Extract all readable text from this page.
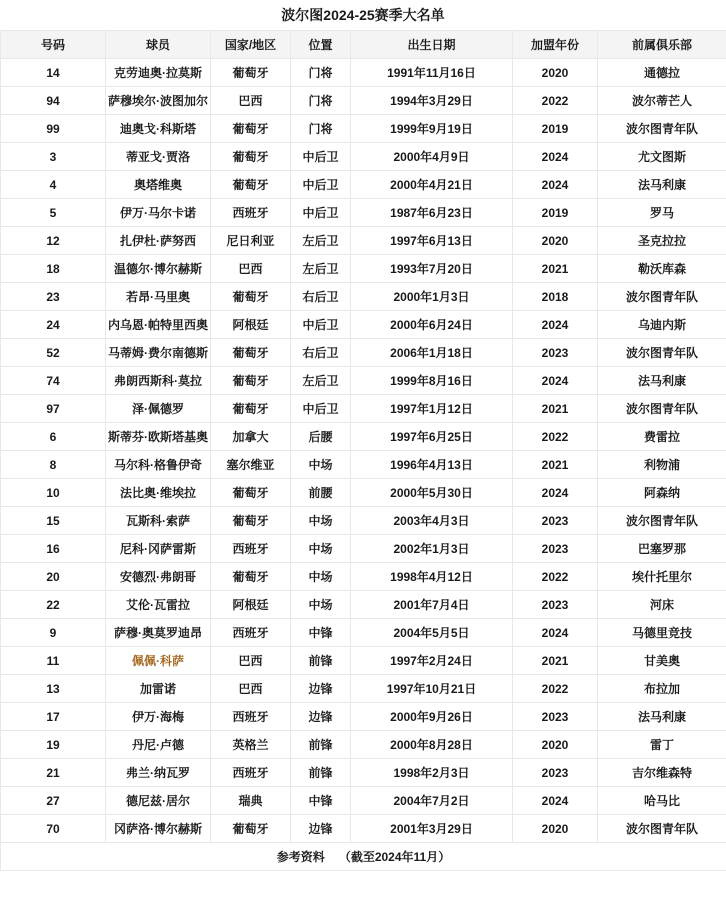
波尔图2024-25赛季大名单
号码	球员	国家/地区	位置	出生日期	加盟年份	前属俱乐部
14	克劳迪奥·拉莫斯	葡萄牙	门将	1991年11月16日	2020	通德拉
94	萨穆埃尔·波图加尔	巴西	门将	1994年3月29日	2022	波尔蒂芒人
99	迪奥戈·科斯塔	葡萄牙	门将	1999年9月19日	2019	波尔图青年队
3	蒂亚戈·贾洛	葡萄牙	中后卫	2000年4月9日	2024	尤文图斯
4	奥塔维奥	葡萄牙	中后卫	2000年4月21日	2024	法马利康
5	伊万·马尔卡诺	西班牙	中后卫	1987年6月23日	2019	罗马
12	扎伊杜·萨努西	尼日利亚	左后卫	1997年6月13日	2020	圣克拉拉
18	温德尔·博尔赫斯	巴西	左后卫	1993年7月20日	2021	勒沃库森
23	若昂·马里奥	葡萄牙	右后卫	2000年1月3日	2018	波尔图青年队
24	内乌恩·帕特里西奥	阿根廷	中后卫	2000年6月24日	2024	乌迪内斯
52	马蒂姆·费尔南德斯	葡萄牙	右后卫	2006年1月18日	2023	波尔图青年队
74	弗朗西斯科·莫拉	葡萄牙	左后卫	1999年8月16日	2024	法马利康
97	泽·佩德罗	葡萄牙	中后卫	1997年1月12日	2021	波尔图青年队
6	斯蒂芬·欧斯塔基奥	加拿大	后腰	1997年6月25日	2022	费雷拉
8	马尔科·格鲁伊奇	塞尔维亚	中场	1996年4月13日	2021	利物浦
10	法比奥·维埃拉	葡萄牙	前腰	2000年5月30日	2024	阿森纳
15	瓦斯科·索萨	葡萄牙	中场	2003年4月3日	2023	波尔图青年队
16	尼科·冈萨雷斯	西班牙	中场	2002年1月3日	2023	巴塞罗那
20	安德烈·弗朗哥	葡萄牙	中场	1998年4月12日	2022	埃什托里尔
22	艾伦·瓦雷拉	阿根廷	中场	2001年7月4日	2023	河床
9	萨穆·奥莫罗迪昂	西班牙	中锋	2004年5月5日	2024	马德里竞技
11	佩佩·科萨	巴西	前锋	1997年2月24日	2021	甘美奥
13	加雷诺	巴西	边锋	1997年10月21日	2022	布拉加
17	伊万·海梅	西班牙	边锋	2000年9月26日	2023	法马利康
19	丹尼·卢德	英格兰	前锋	2000年8月28日	2020	雷丁
21	弗兰·纳瓦罗	西班牙	前锋	1998年2月3日	2023	吉尔维森特
27	德尼兹·居尔	瑞典	中锋	2004年7月2日	2024	哈马比
70	冈萨洛·博尔赫斯	葡萄牙	边锋	2001年3月29日	2020	波尔图青年队
参考资料 （截至2024年11月）						
